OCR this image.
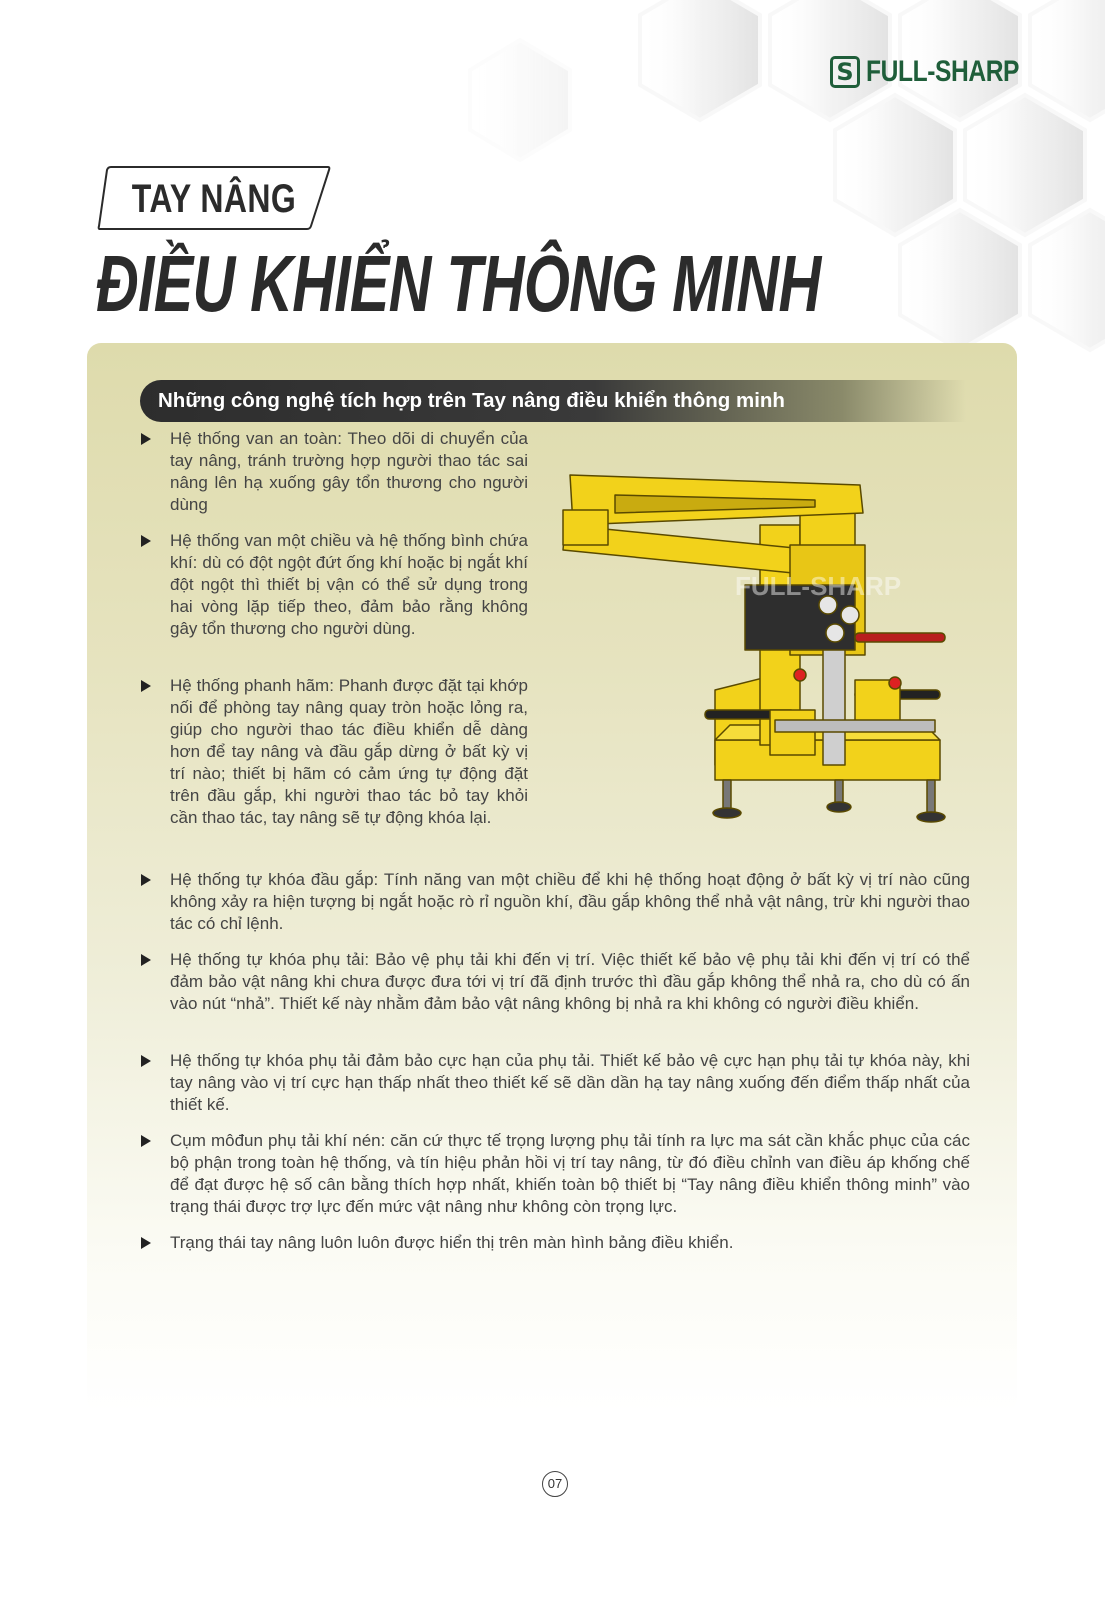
S FULL-SHARP
TAY NÂNG
ĐIỀU KHIỂN THÔNG MINH
Những công nghệ tích hợp trên Tay nâng điều khiển thông minh
Hệ thống van an toàn: Theo dõi di chuyển của tay nâng, tránh trường hợp người thao tác sai nâng lên hạ xuống gây tổn thương cho người dùng
Hệ thống van một chiều và hệ thống bình chứa khí: dù có đột ngột đứt ống khí hoặc bị ngắt khí đột ngột thì thiết bị vận có thể sử dụng trong hai vòng lặp tiếp theo, đảm bảo rằng không gây tổn thương cho người dùng.
Hệ thống phanh hãm: Phanh được đặt tại khớp nối để phòng tay nâng quay tròn hoặc lỏng ra, giúp cho người thao tác điều khiển dễ dàng hơn để tay nâng và đầu gắp dừng ở bất kỳ vị trí nào; thiết bị hãm có cảm ứng tự động đặt trên đầu gắp, khi người thao tác bỏ tay khỏi cần thao tác, tay nâng sẽ tự động khóa lại.
Hệ thống tự khóa đầu gắp: Tính năng van một chiều để khi hệ thống hoạt động ở bất kỳ vị trí nào cũng không xảy ra hiện tượng bị ngắt hoặc rò rỉ nguồn khí, đầu gắp không thể nhả vật nâng, trừ khi người thao tác có chỉ lệnh.
Hệ thống tự khóa phụ tải: Bảo vệ phụ tải khi đến vị trí. Việc thiết kế bảo vệ phụ tải khi đến vị trí có thể đảm bảo vật nâng khi chưa được đưa tới vị trí đã định trước thì đầu gắp không thể nhả ra, cho dù có ấn vào nút “nhả”. Thiết kế này nhằm đảm bảo vật nâng không bị nhả ra khi không có người điều khiển.
Hệ thống tự khóa phụ tải đảm bảo cực hạn của phụ tải. Thiết kế bảo vệ cực hạn phụ tải tự khóa này, khi tay nâng vào vị trí cực hạn thấp nhất theo thiết kế sẽ dần dần hạ tay nâng xuống đến điểm thấp nhất của thiết kế.
Cụm môđun phụ tải khí nén: căn cứ thực tế trọng lượng phụ tải tính ra lực ma sát cần khắc phục của các bộ phận trong toàn hệ thống, và tín hiệu phản hồi vị trí tay nâng, từ đó điều chỉnh van điều áp khống chế để đạt được hệ số cân bằng thích hợp nhất, khiến toàn bộ thiết bị “Tay nâng điều khiển thông minh” vào trạng thái được trợ lực đến mức vật nâng như không còn trọng lực.
Trạng thái tay nâng luôn luôn được hiển thị trên màn hình bảng điều khiển.
FULL-SHARP
07
